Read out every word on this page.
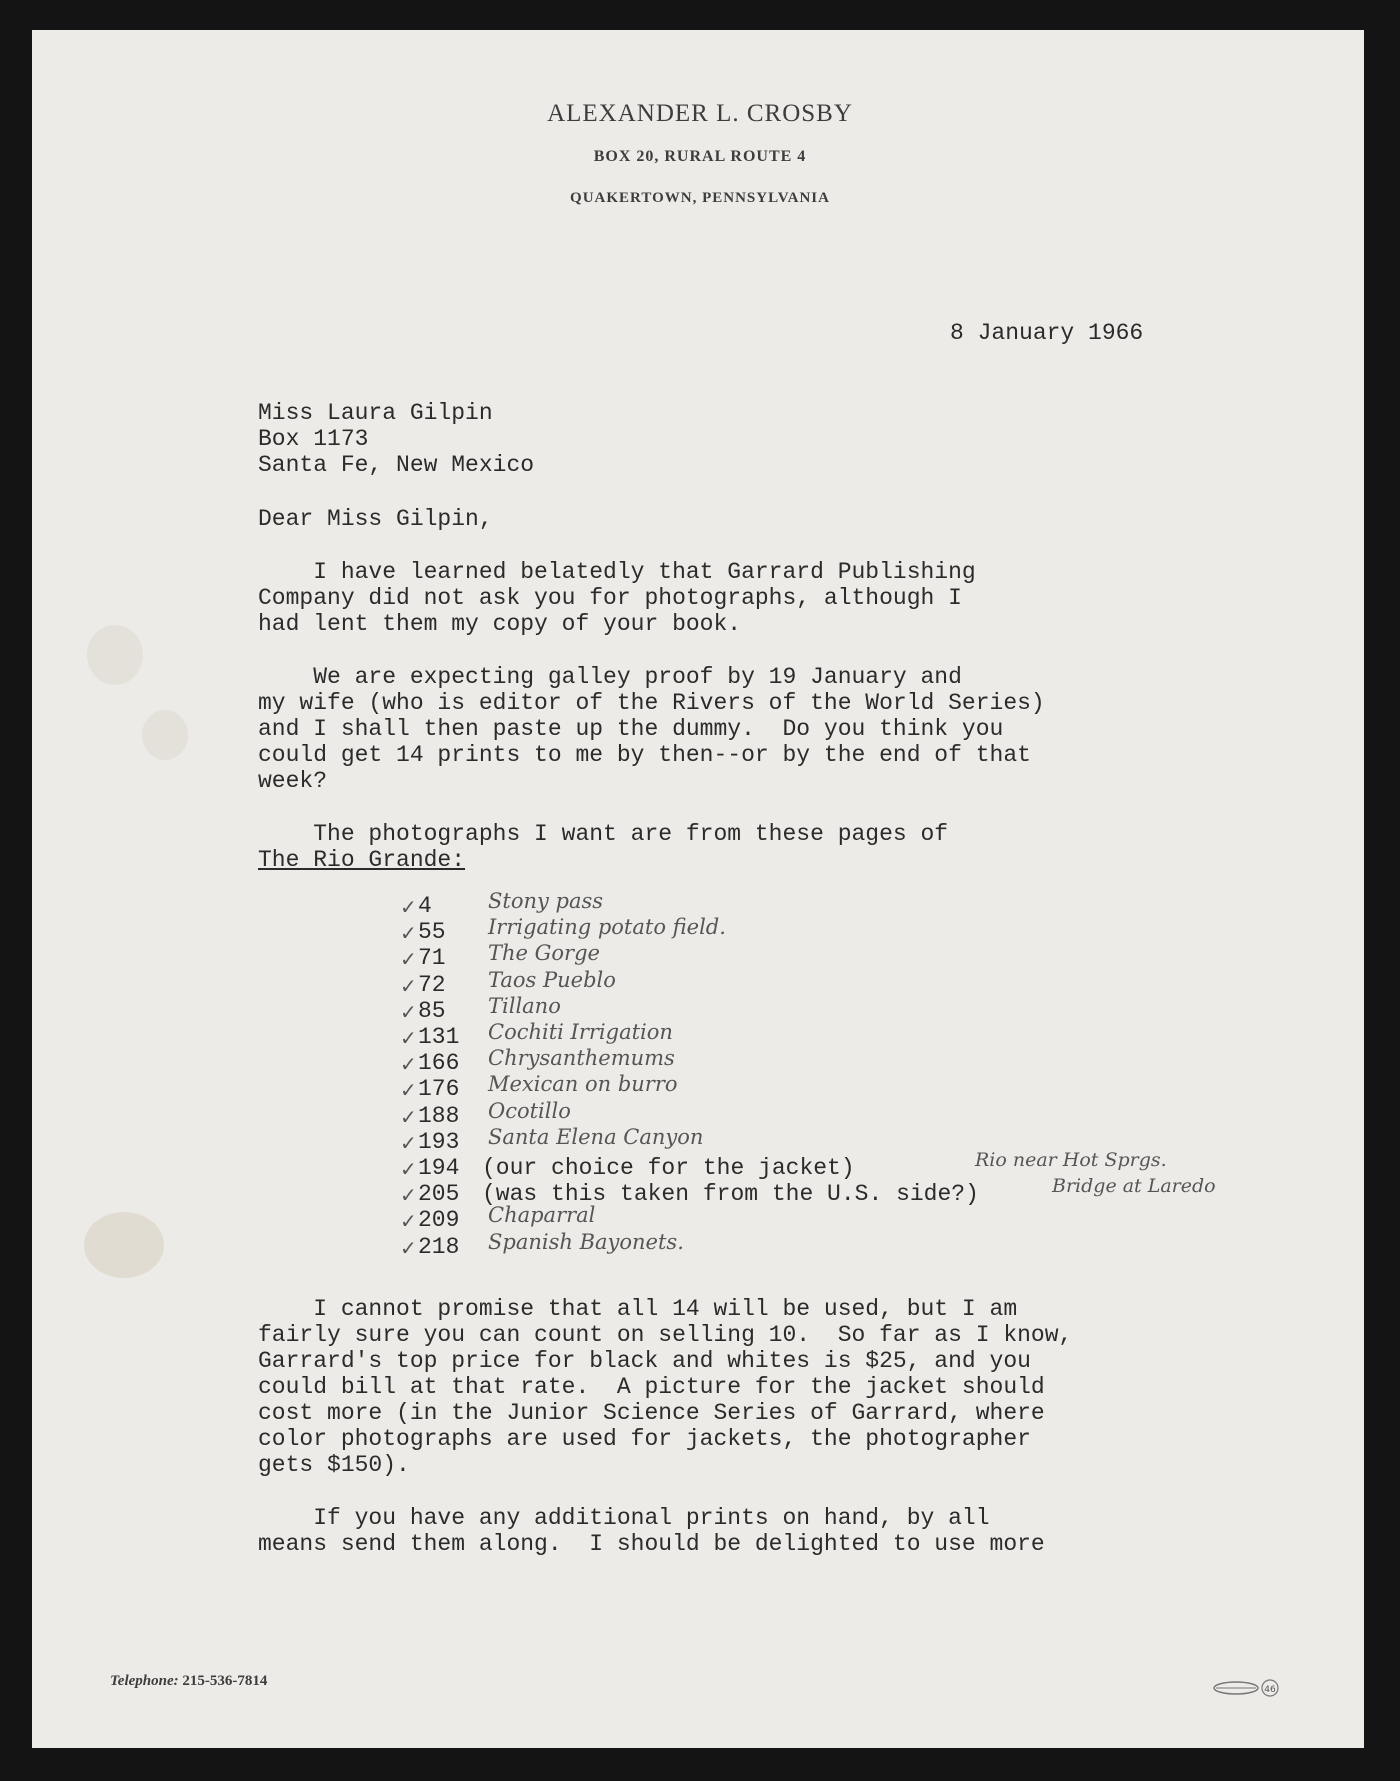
ALEXANDER L. CROSBY
BOX 20, RURAL ROUTE 4
QUAKERTOWN, PENNSYLVANIA
8 January 1966
Miss Laura Gilpin
Box 1173
Santa Fe, New Mexico
Dear Miss Gilpin,
I have learned belatedly that Garrard Publishing
Company did not ask you for photographs, although I
had lent them my copy of your book.
We are expecting galley proof by 19 January and
my wife (who is editor of the Rivers of the World Series)
and I shall then paste up the dummy.  Do you think you
could get 14 prints to me by then--or by the end of that
week?
The photographs I want are from these pages of
The Rio Grande:
✓ 4	Stony pass
✓ 55 Irrigating potato field.
✓ 71 The Gorge
✓ 72 Taos Pueblo
✓ 85 Tillano
✓ 131 Cochiti Irrigation
✓ 166 Chrysanthemums
✓ 176 Mexican on burro
✓ 188 Ocotillo
✓ 193 Santa Elena Canyon
✓ 194 (our choice for the jacket)	Rio near Hot Sprgs.
✓ 205 (was this taken from the U.S. side?)	Bridge at Laredo
✓ 209 Chaparral
✓ 218 Spanish Bayonets.
I cannot promise that all 14 will be used, but I am
fairly sure you can count on selling 10.  So far as I know,
Garrard's top price for black and whites is $25, and you
could bill at that rate.  A picture for the jacket should
cost more (in the Junior Science Series of Garrard, where
color photographs are used for jackets, the photographer
gets $150).
If you have any additional prints on hand, by all
means send them along.  I should be delighted to use more
Telephone: 215-536-7814
46
